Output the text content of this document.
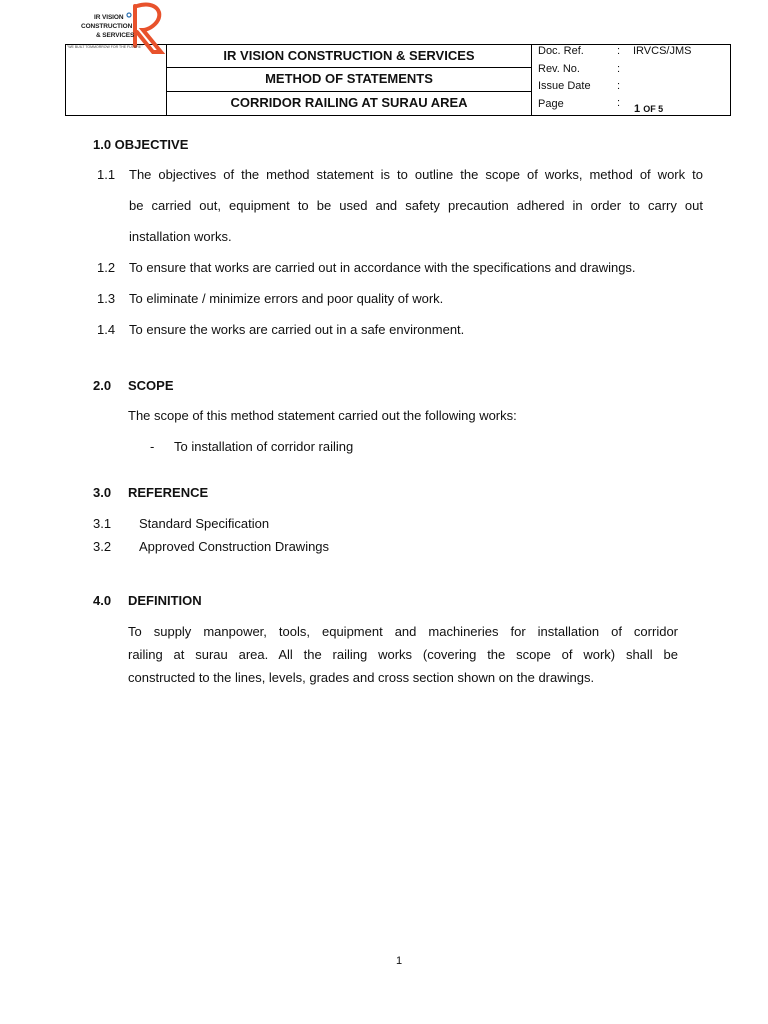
IR VISION
CONSTRUCTION
& SERVICES
"WE BUILT TOMMORROW FOR THE FUTURE"
IR VISION CONSTRUCTION & SERVICES
METHOD OF STATEMENTS
CORRIDOR RAILING AT SURAU AREA
Doc. Ref.	: IRVCS/JMS
Rev. No.	:
Issue Date :
Page	: 1 OF 5
1.0 OBJECTIVE
1.1 The objectives of the method statement is to outline the scope of works, method of work to
be carried out, equipment to be used and safety precaution adhered in order to carry out
installation works.
1.2 To ensure that works are carried out in accordance with the specifications and drawings.
1.3 To eliminate / minimize errors and poor quality of work.
1.4 To ensure the works are carried out in a safe environment.
2.0 SCOPE
The scope of this method statement carried out the following works:
- To installation of corridor railing
3.0 REFERENCE
3.1 Standard Specification
3.2 Approved Construction Drawings
4.0 DEFINITION
To supply manpower, tools, equipment and machineries for installation of corridor
railing at surau area. All the railing works (covering the scope of work) shall be
constructed to the lines, levels, grades and cross section shown on the drawings.
1
